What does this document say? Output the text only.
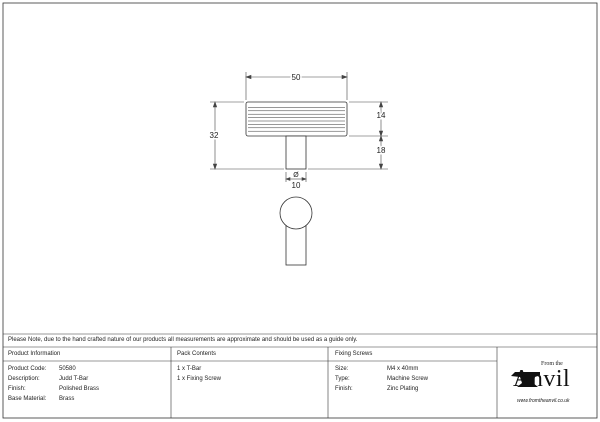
50
32
14
18
Ø
10
Please Note, due to the hand crafted nature of our products all measurements are approximate and should be used as a guide only.
Product Information	Pack Contents	Fixing Screws
Product Code: 50580
Description:	Judd T-Bar
Finish:	Polished Brass
Base Material: Brass
1 x T-Bar
1 x Fixing Screw
Size:	M4 x 40mm
Type:	Machine Screw
Finish:	Zinc Plating
From the
Anvil
www.fromtheanvil.co.uk
